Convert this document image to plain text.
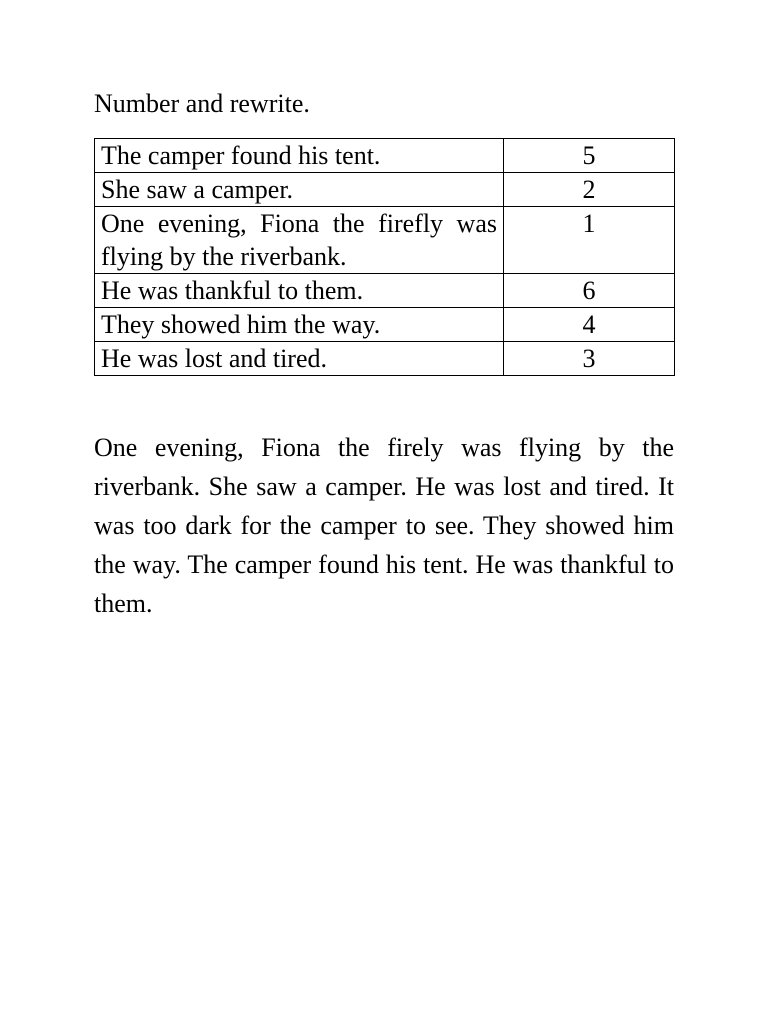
Number and rewrite.

The camper found his tent.	5
She saw a camper.	2
One evening, Fiona the firefly was flying by the riverbank.	1
He was thankful to them.	6
They showed him the way.	4
He was lost and tired.	3

One evening, Fiona the firely was flying by the riverbank. She saw a camper. He was lost and tired. It was too dark for the camper to see. They showed him the way. The camper found his tent. He was thankful to them.
